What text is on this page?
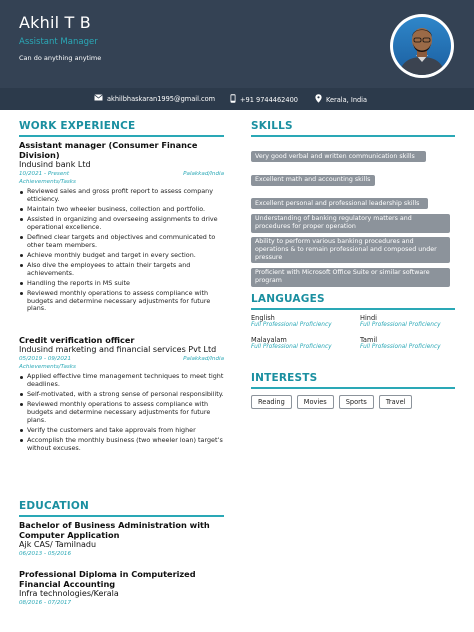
Akhil T B
Assistant Manager
Can do anything anytime
akhilbhaskaran1995@gmail.com	+91 9744462400	Kerala, India
WORK EXPERIENCE
Assistant manager (Consumer Finance Division)
Indusind bank Ltd
10/2021 - Present	Palakkad/India
Achievements/Tasks
Reviewed sales and gross profit report to assess company etticiency.
Maintain two wheeler business, collection and portfolio.
Assisted in organizing and overseeing assignments to drive operational excellence.
Defined clear targets and objectives and communicated to other team members.
Achieve monthly budget and target in every section.
Also dive the employees to attain their targets and achievements.
Handling the reports in MS suite
Reviewed monthly operations to assess compliance with budgets and determine necessary adjustments for future plans.
Credit verification officer
Indusind marketing and financial services Pvt Ltd
05/2019 - 09/2021	Palakkad/India
Achievements/Tasks
Applied effective time management techniques to meet tight deadlines.
Self-motivated, with a strong sense of personal responsibility.
Reviewed monthly operations to assess compliance with budgets and determine necessary adjustments for future plans.
Verify the customers and take approvals from higher
Accomplish the monthly business (two wheeler loan) target’s without excuses.
EDUCATION
Bachelor of Business Administration with Computer Application
Ajk CAS/ Tamilnadu
06/2013 - 05/2016
Professional Diploma in Computerized Financial Accounting
Infra technologies/Kerala
08/2016 - 07/2017
SKILLS
Very good verbal and written communication skills
Excellent math and accounting skills
Excellent personal and professional leadership skills
Understanding of banking regulatory matters and procedures for proper operation
Ability to perform various banking procedures and operations & to remain professional and composed under pressure
Proficient with Microsoft Office Suite or similar software program
LANGUAGES
English
Full Professional Proficiency
Hindi
Full Professional Proficiency
Malayalam
Full Professional Proficiency
Tamil
Full Professional Proficiency
INTERESTS
Reading	Movies	Sports	Travel
